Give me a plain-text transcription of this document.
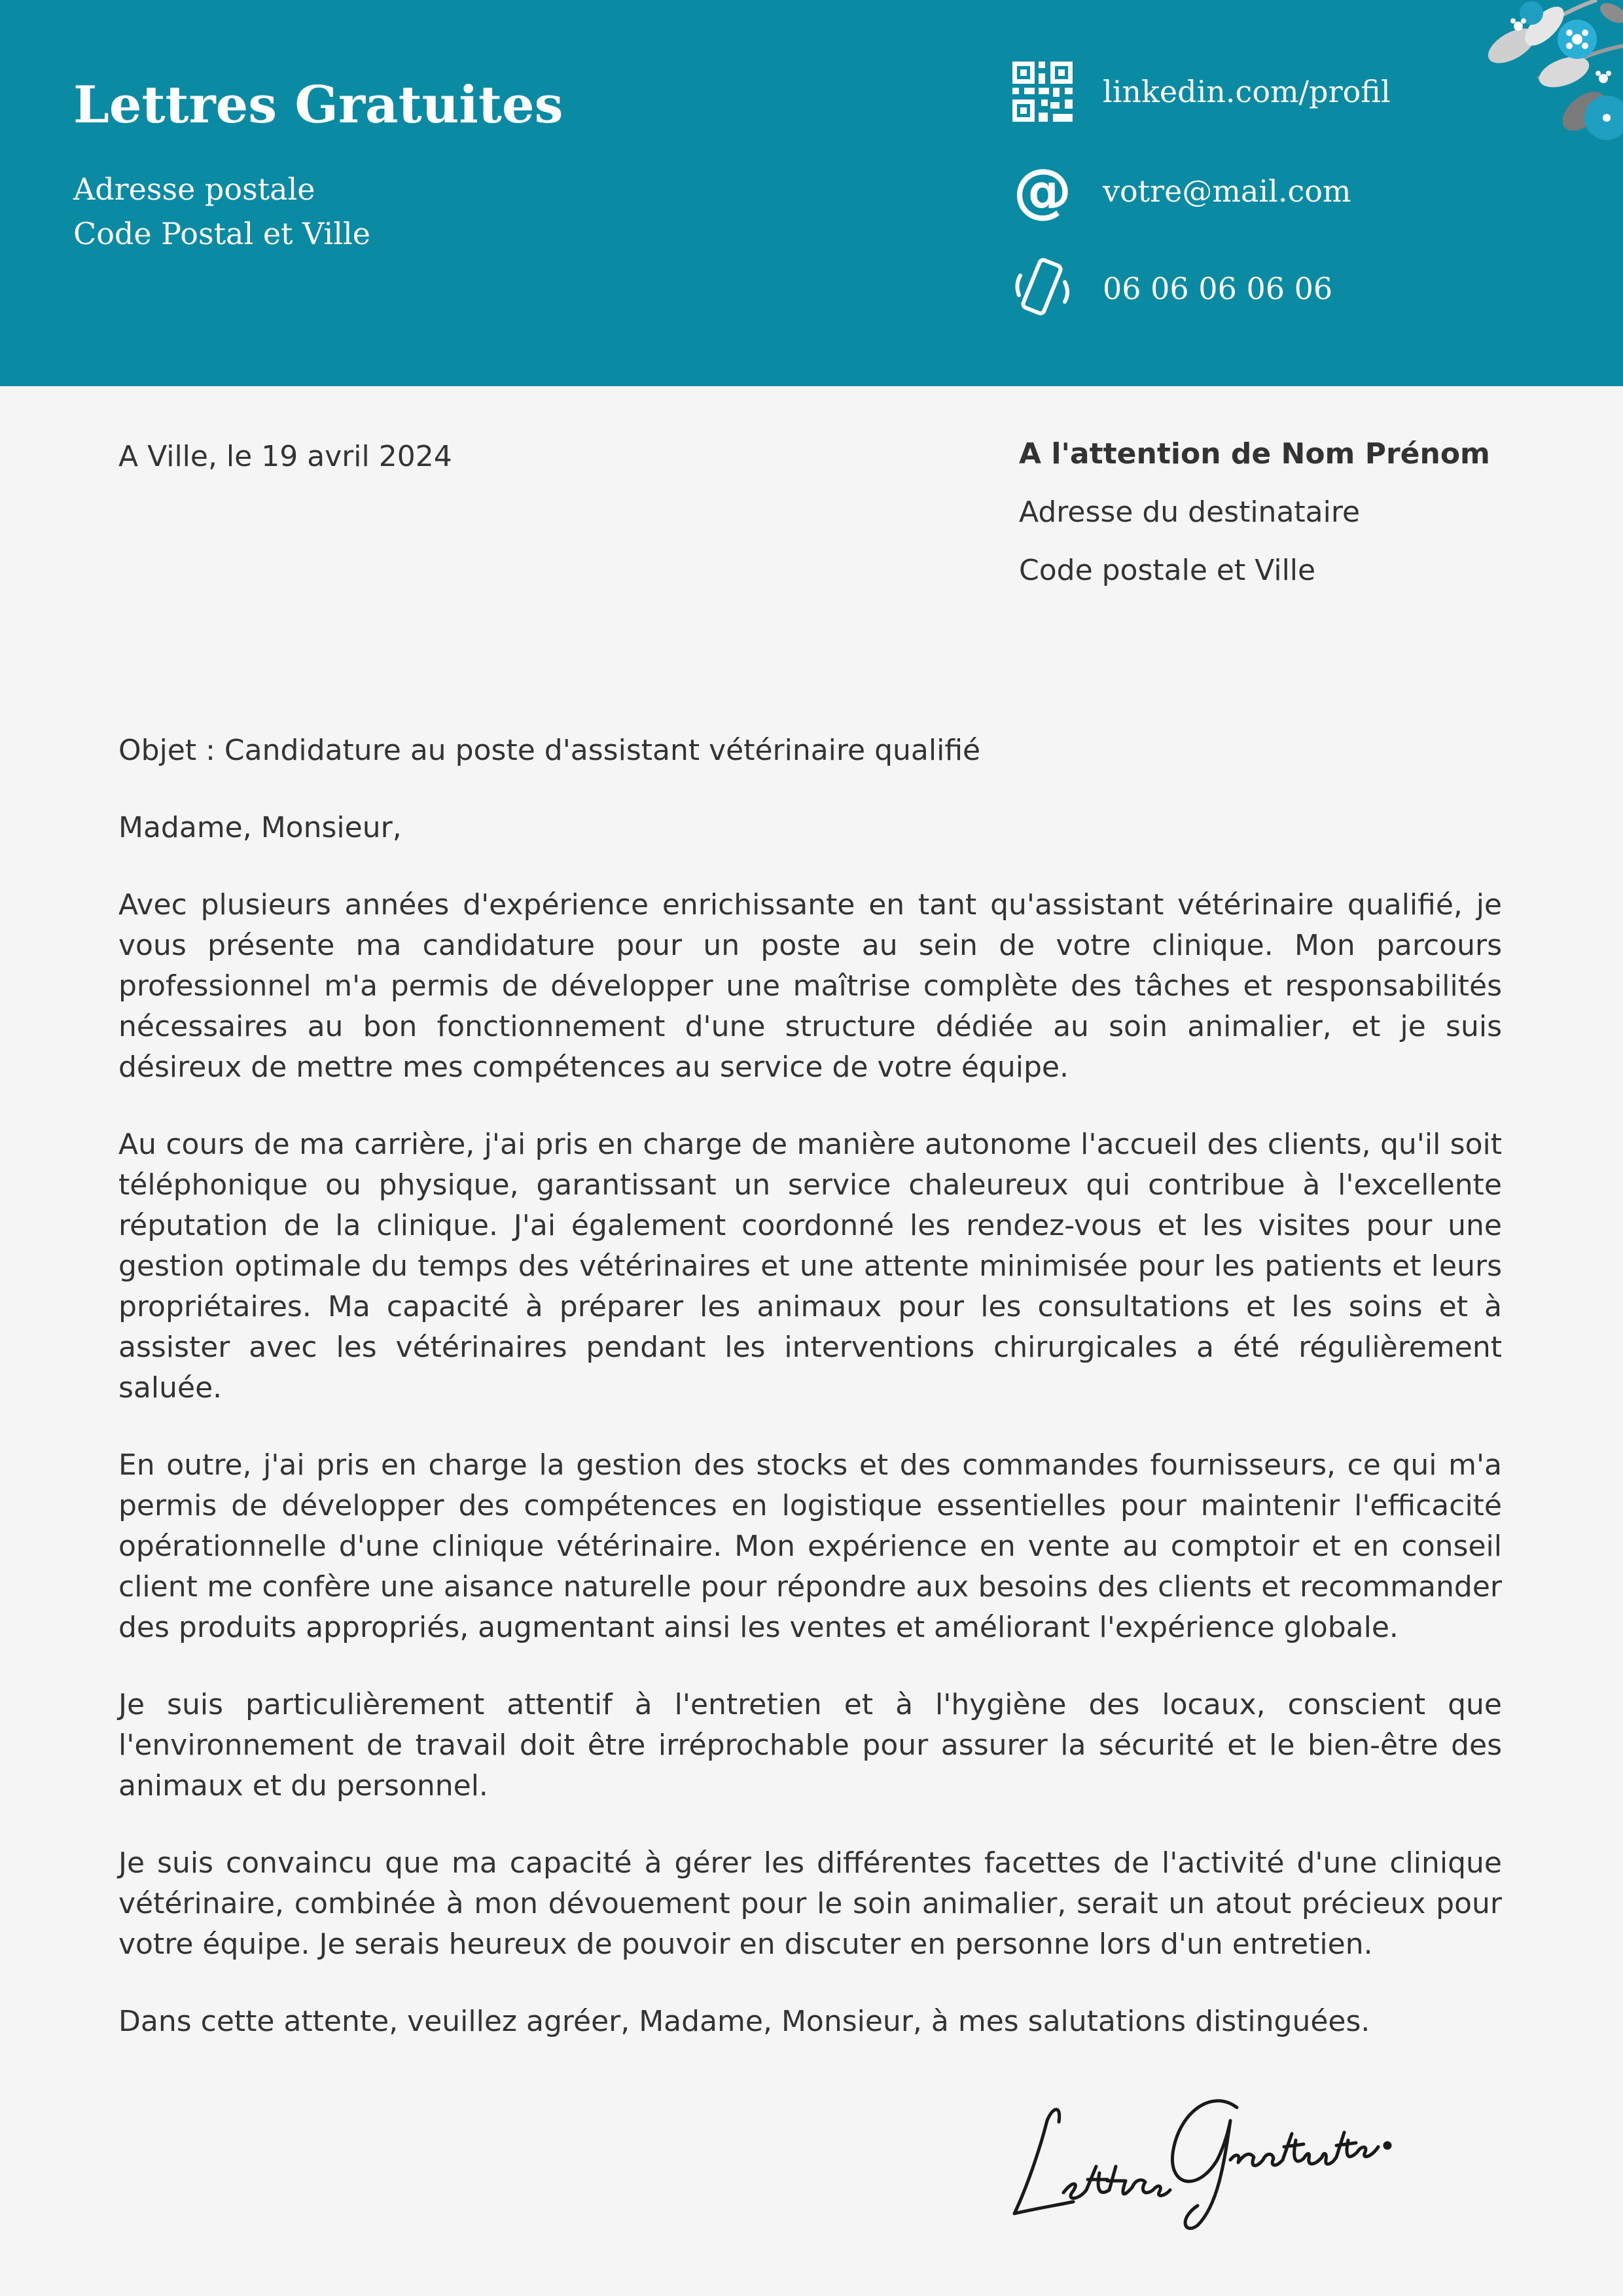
Lettres Gratuites
Adresse postale
Code Postal et Ville
linkedin.com/profil
@ votre@mail.com
06 06 06 06 06
A Ville, le 19 avril 2024	A l'attention de Nom Prénom
Adresse du destinataire
Code postale et Ville

Objet : Candidature au poste d'assistant vétérinaire qualifié

Madame, Monsieur,

Avec plusieurs années d'expérience enrichissante en tant qu'assistant vétérinaire qualifié, je vous présente ma candidature pour un poste au sein de votre clinique. Mon parcours professionnel m'a permis de développer une maîtrise complète des tâches et responsabilités nécessaires au bon fonctionnement d'une structure dédiée au soin animalier, et je suis désireux de mettre mes compétences au service de votre équipe.

Au cours de ma carrière, j'ai pris en charge de manière autonome l'accueil des clients, qu'il soit téléphonique ou physique, garantissant un service chaleureux qui contribue à l'excellente réputation de la clinique. J'ai également coordonné les rendez-vous et les visites pour une gestion optimale du temps des vétérinaires et une attente minimisée pour les patients et leurs propriétaires. Ma capacité à préparer les animaux pour les consultations et les soins et à assister avec les vétérinaires pendant les interventions chirurgicales a été régulièrement saluée.

En outre, j'ai pris en charge la gestion des stocks et des commandes fournisseurs, ce qui m'a permis de développer des compétences en logistique essentielles pour maintenir l'efficacité opérationnelle d'une clinique vétérinaire. Mon expérience en vente au comptoir et en conseil client me confère une aisance naturelle pour répondre aux besoins des clients et recommander des produits appropriés, augmentant ainsi les ventes et améliorant l'expérience globale.

Je suis particulièrement attentif à l'entretien et à l'hygiène des locaux, conscient que l'environnement de travail doit être irréprochable pour assurer la sécurité et le bien-être des animaux et du personnel.

Je suis convaincu que ma capacité à gérer les différentes facettes de l'activité d'une clinique vétérinaire, combinée à mon dévouement pour le soin animalier, serait un atout précieux pour votre équipe. Je serais heureux de pouvoir en discuter en personne lors d'un entretien.

Dans cette attente, veuillez agréer, Madame, Monsieur, à mes salutations distinguées.
